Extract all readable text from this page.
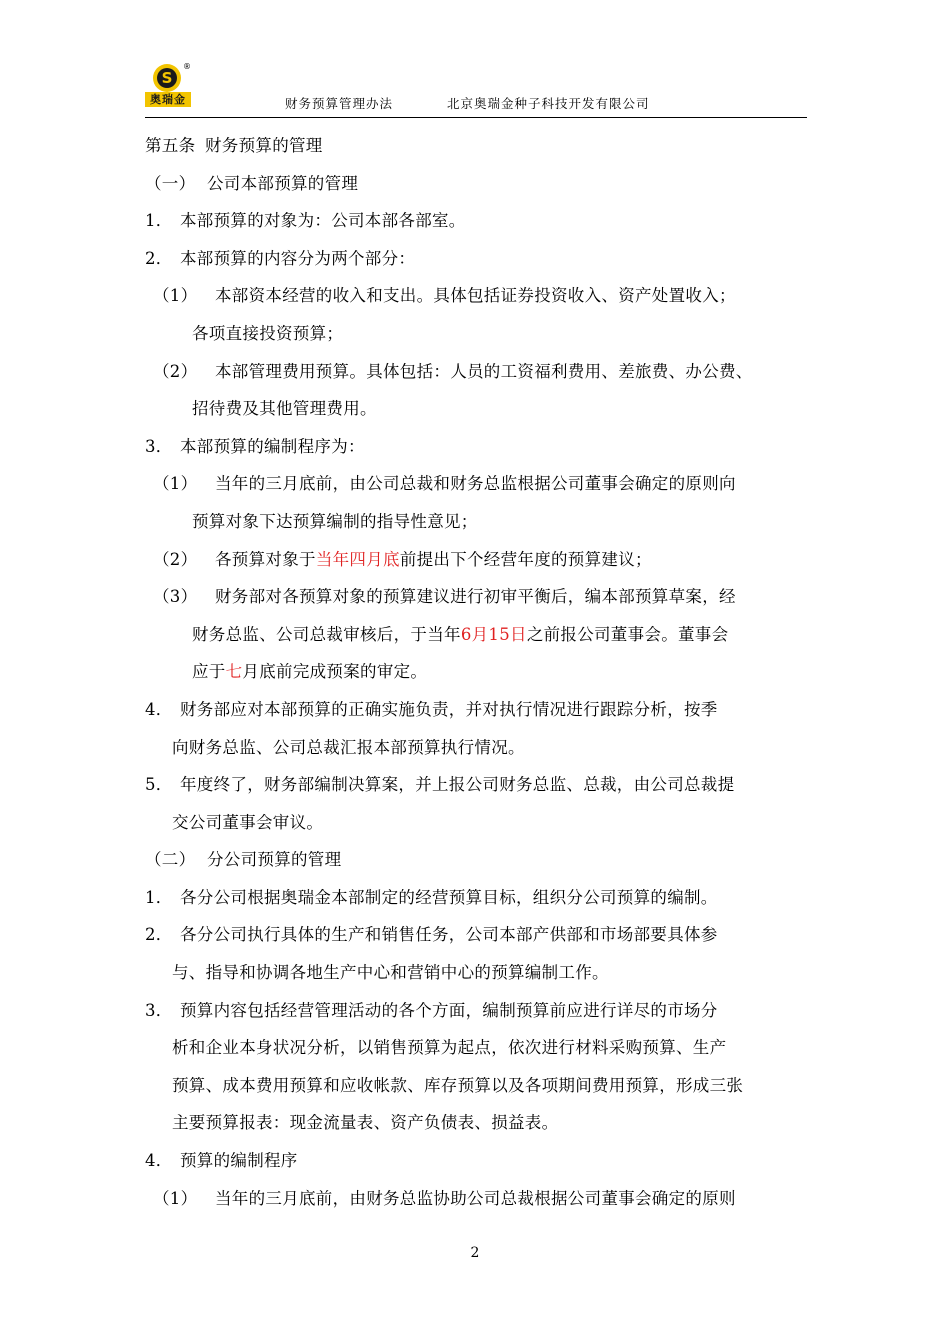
S
®
奥瑞金	财务预算管理办法	北京奥瑞金种子科技开发有限公司
第五条 财务预算的管理
（一） 公司本部预算的管理
1． 本部预算的对象为：公司本部各部室。
2． 本部预算的内容分为两个部分：
（1） 本部资本经营的收入和支出。具体包括证券投资收入、资产处置收入；
各项直接投资预算；
（2） 本部管理费用预算。具体包括：人员的工资福利费用、差旅费、办公费、
招待费及其他管理费用。
3． 本部预算的编制程序为：
（1） 当年的三月底前，由公司总裁和财务总监根据公司董事会确定的原则向
预算对象下达预算编制的指导性意见；
（2） 各预算对象于当年四月底前提出下个经营年度的预算建议；
（3） 财务部对各预算对象的预算建议进行初审平衡后，编本部预算草案，经
财务总监、公司总裁审核后，于当年6月15日之前报公司董事会。董事会
应于七月底前完成预案的审定。
4． 财务部应对本部预算的正确实施负责，并对执行情况进行跟踪分析，按季
向财务总监、公司总裁汇报本部预算执行情况。
5． 年度终了，财务部编制决算案，并上报公司财务总监、总裁，由公司总裁提
交公司董事会审议。
（二） 分公司预算的管理
1． 各分公司根据奥瑞金本部制定的经营预算目标，组织分公司预算的编制。
2． 各分公司执行具体的生产和销售任务，公司本部产供部和市场部要具体参
与、指导和协调各地生产中心和营销中心的预算编制工作。
3． 预算内容包括经营管理活动的各个方面，编制预算前应进行详尽的市场分
析和企业本身状况分析，以销售预算为起点，依次进行材料采购预算、生产
预算、成本费用预算和应收帐款、库存预算以及各项期间费用预算，形成三张
主要预算报表：现金流量表、资产负债表、损益表。
4． 预算的编制程序
（1） 当年的三月底前，由财务总监协助公司总裁根据公司董事会确定的原则
2
